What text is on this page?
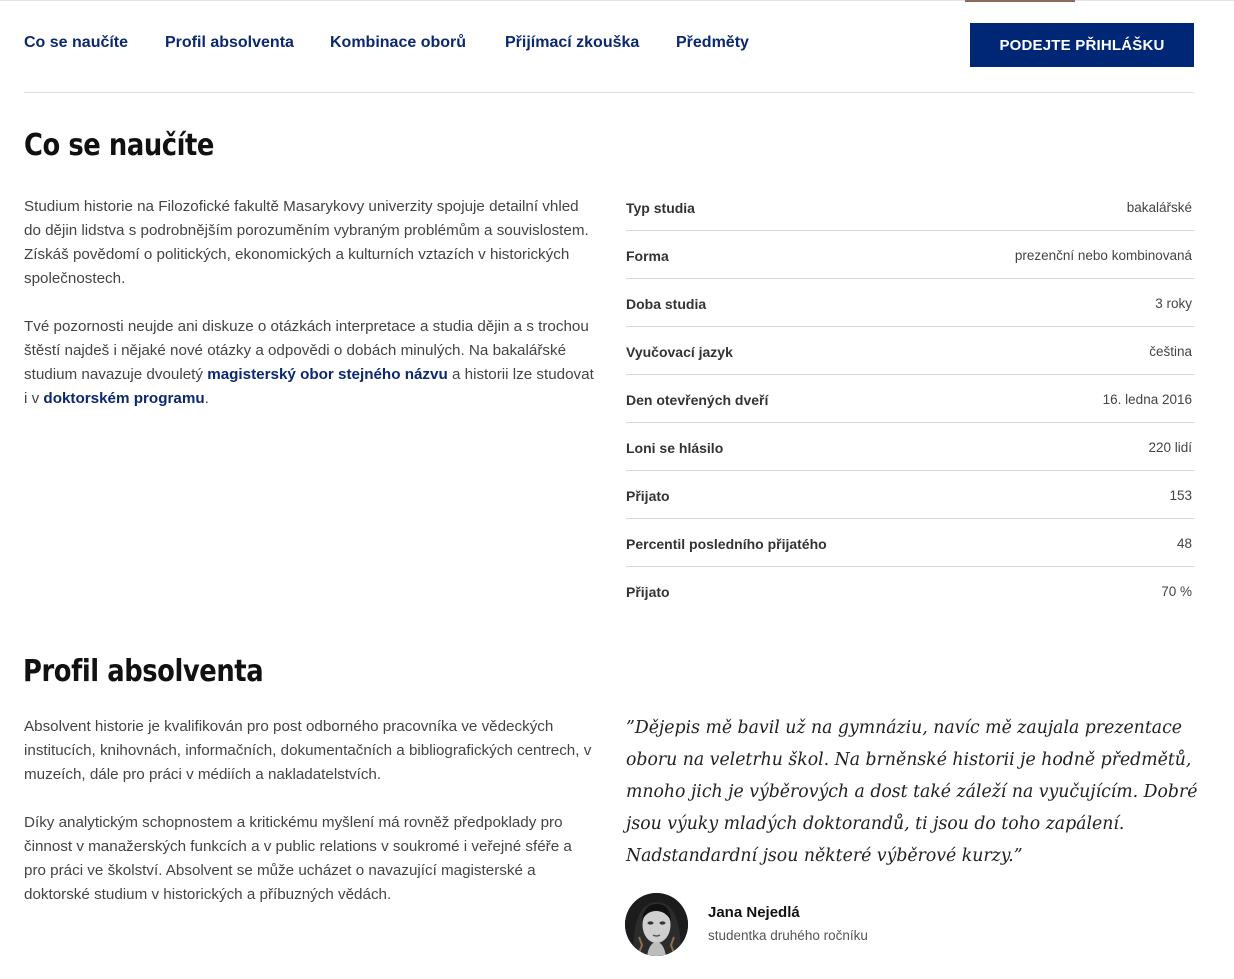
Co se naučíte Profil absolventa Kombinace oborů Přijímací zkouška Předměty	PODEJTE PŘIHLÁŠKU
Co se naučíte

Studium historie na Filozofické fakultě Masarykovy univerzity spojuje detailní vhled do dějin lidstva s podrobnějším porozuměním vybraným problémům a souvislostem. Získáš povědomí o politických, ekonomických a kulturních vztazích v historických společnostech.

Tvé pozornosti neujde ani diskuze o otázkách interpretace a studia dějin a s trochou štěstí najdeš i nějaké nové otázky a odpovědi o dobách minulých. Na bakalářské studium navazuje dvouletý magisterský obor stejného názvu a historii lze studovat i v doktorském programu.

Typ studia	bakalářské
Forma	prezenční nebo kombinovaná
Doba studia	3 roky
Vyučovací jazyk	čeština
Den otevřených dveří	16. ledna 2016
Loni se hlásilo	220 lidí
Přijato	153
Percentil posledního přijatého	48
Přijato	70 %
Profil absolventa

Absolvent historie je kvalifikován pro post odborného pracovníka ve vědeckých institucích, knihovnách, informačních, dokumentačních a bibliografických centrech, v muzeích, dále pro práci v médiích a nakladatelstvích.

Díky analytickým schopnostem a kritickému myšlení má rovněž předpoklady pro činnost v manažerských funkcích a v public relations v soukromé i veřejné sféře a pro práci ve školství. Absolvent se může ucházet o navazující magisterské a doktorské studium v historických a příbuzných vědách.

”Dějepis mě bavil už na gymnáziu, navíc mě zaujala prezentace oboru na veletrhu škol. Na brněnské historii je hodně předmětů, mnoho jich je výběrových a dost také záleží na vyučujícím. Dobré jsou výuky mladých doktorandů, ti jsou do toho zapálení. Nadstandardní jsou některé výběrové kurzy.”

Jana Nejedlá
studentka druhého ročníku
